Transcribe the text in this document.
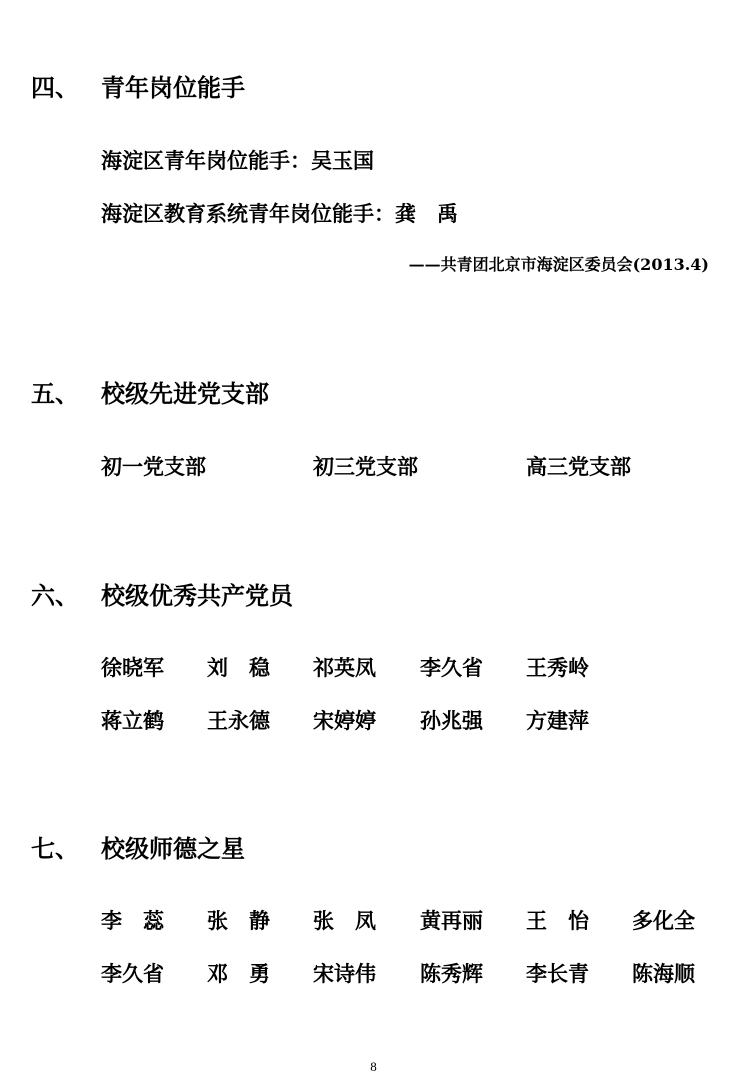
四、 青年岗位能手
海淀区青年岗位能手：吴玉国
海淀区教育系统青年岗位能手：龚　禹
——共青团北京市海淀区委员会(2013.4)
五、 校级先进党支部
初一党支部	初三党支部	高三党支部
六、 校级优秀共产党员
徐晓军 刘　稳 祁英凤 李久省 王秀岭
蒋立鹤 王永德 宋婷婷 孙兆强 方建萍
七、 校级师德之星
李　蕊 张　静 张　凤 黄再丽 王　怡 多化全
李久省 邓　勇 宋诗伟 陈秀辉 李长青 陈海顺
8
